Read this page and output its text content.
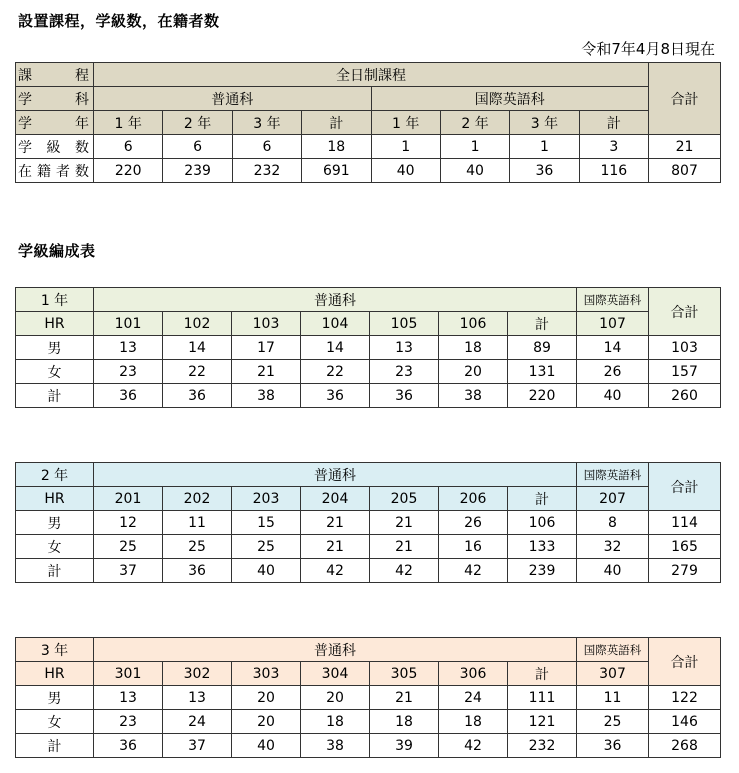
設置課程，学級数，在籍者数
令和7年4月8日現在
課 程	全日制課程								合計

学 科	普通科				国際英語科				

学 年	1 年	2 年	3 年	計	1 年	2 年	3 年	計	

学 級 数	6	6	6	18	1	1	1	3	21

在 籍 者 数	220	239	232	691	40	40	36	116	807
学級編成表
1 年	普通科							国際英語科	合計
HR	101	102	103	104	105	106	計	107	
男	13	14	17	14	13	18	89	14	103
女	23	22	21	22	23	20	131	26	157
計	36	36	38	36	36	38	220	40	260
2 年	普通科							国際英語科	合計
HR	201	202	203	204	205	206	計	207	
男	12	11	15	21	21	26	106	8	114
女	25	25	25	21	21	16	133	32	165
計	37	36	40	42	42	42	239	40	279
3 年	普通科							国際英語科	合計
HR	301	302	303	304	305	306	計	307	
男	13	13	20	20	21	24	111	11	122
女	23	24	20	18	18	18	121	25	146
計	36	37	40	38	39	42	232	36	268
